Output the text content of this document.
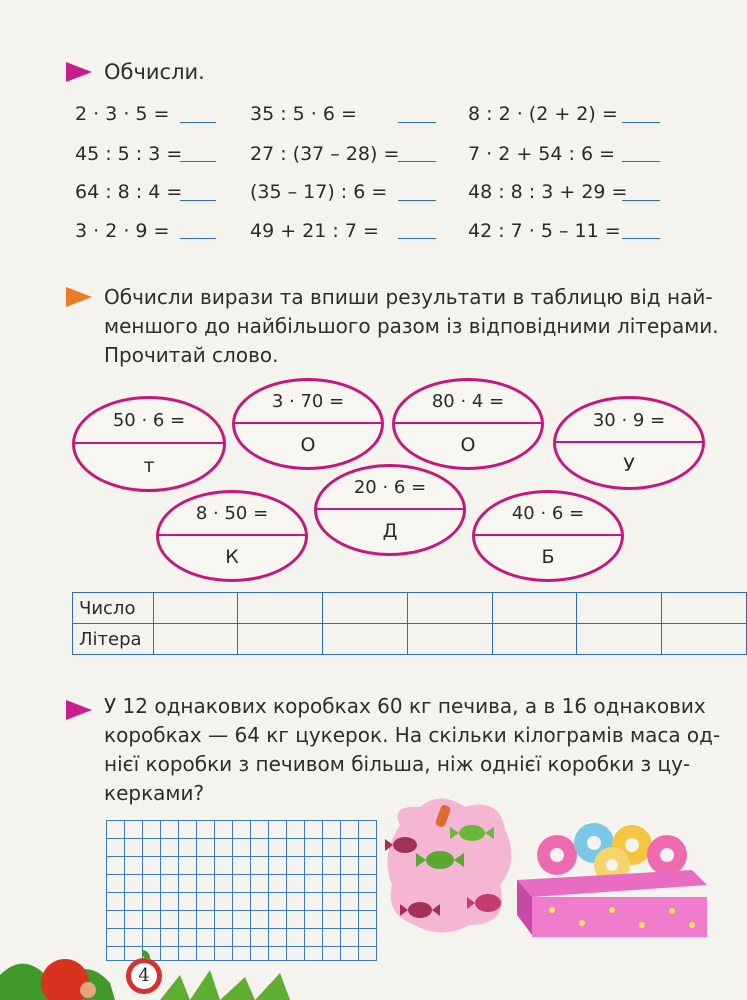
Обчисли.
2 · 3 · 5 =
45 : 5 : 3 =
64 : 8 : 4 =
3 · 2 · 9 =
35 : 5 · 6 =
27 : (37 – 28) =
(35 – 17) : 6 =
49 + 21 : 7 =
8 : 2 · (2 + 2) =
7 · 2 + 54 : 6 =
48 : 8 : 3 + 29 =
42 : 7 · 5 – 11 =
Обчисли вирази та впиши результати в таблицю від най-
меншого до найбільшого разом із відповідними літерами.
Прочитай слово.
50 · 6 =
т
3 · 70 =
О
80 · 4 =
О
30 · 9 =
У
8 · 50 =
К
20 · 6 =
Д
40 · 6 =
Б
Число							
Літера							
У 12 однакових коробках 60 кг печива, а в 16 однакових
коробках — 64 кг цукерок. На скільки кілограмів маса од-
нієї коробки з печивом більша, ніж однієї коробки з цу-
керками?
4
